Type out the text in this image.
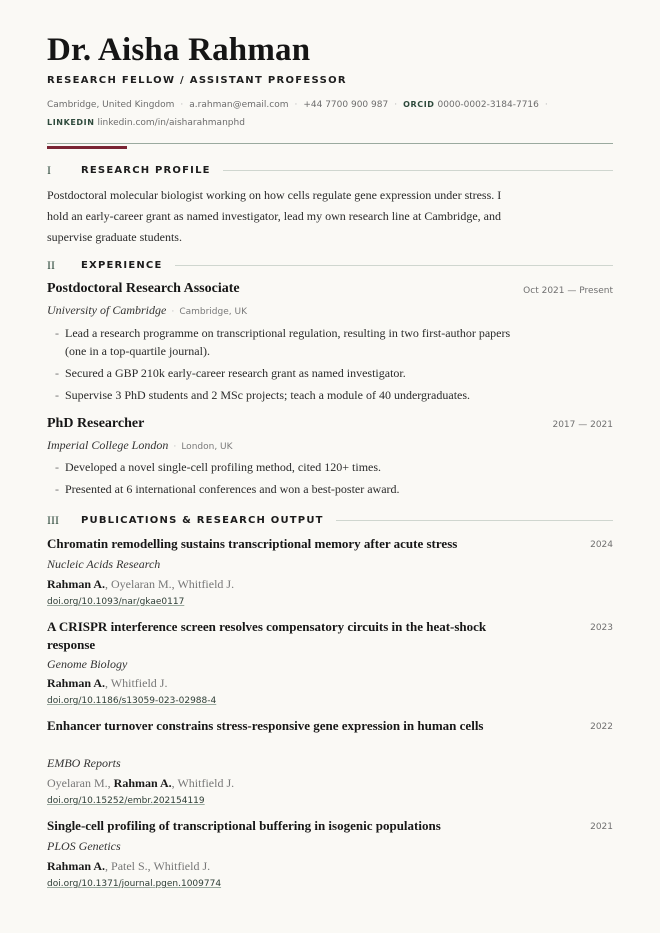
Dr. Aisha Rahman
RESEARCH FELLOW / ASSISTANT PROFESSOR
Cambridge, United Kingdom · a.rahman@email.com · +44 7700 900 987 · ORCID 0000-0002-3184-7716 ·
LINKEDIN linkedin.com/in/aisharahmanphd
I	RESEARCH PROFILE
Postdoctoral molecular biologist working on how cells regulate gene expression under stress. I hold an early-career grant as named investigator, lead my own research line at Cambridge, and supervise graduate students.
II	EXPERIENCE
Postdoctoral Research Associate	Oct 2021 — Present
University of Cambridge · Cambridge, UK
- Lead a research programme on transcriptional regulation, resulting in two first-author papers (one in a top-quartile journal).
- Secured a GBP 210k early-career research grant as named investigator.
- Supervise 3 PhD students and 2 MSc projects; teach a module of 40 undergraduates.
PhD Researcher	2017 — 2021
Imperial College London · London, UK
- Developed a novel single-cell profiling method, cited 120+ times.
- Presented at 6 international conferences and won a best-poster award.
III	PUBLICATIONS & RESEARCH OUTPUT
Chromatin remodelling sustains transcriptional memory after acute stress	2024
Nucleic Acids Research
Rahman A., Oyelaran M., Whitfield J.
doi.org/10.1093/nar/gkae0117
A CRISPR interference screen resolves compensatory circuits in the heat-shock response
2023
Genome Biology
Rahman A., Whitfield J.
doi.org/10.1186/s13059-023-02988-4
Enhancer turnover constrains stress-responsive gene expression in human cells	2022
EMBO Reports
Oyelaran M., Rahman A., Whitfield J.
doi.org/10.15252/embr.202154119
Single-cell profiling of transcriptional buffering in isogenic populations	2021
PLOS Genetics
Rahman A., Patel S., Whitfield J.
doi.org/10.1371/journal.pgen.1009774
